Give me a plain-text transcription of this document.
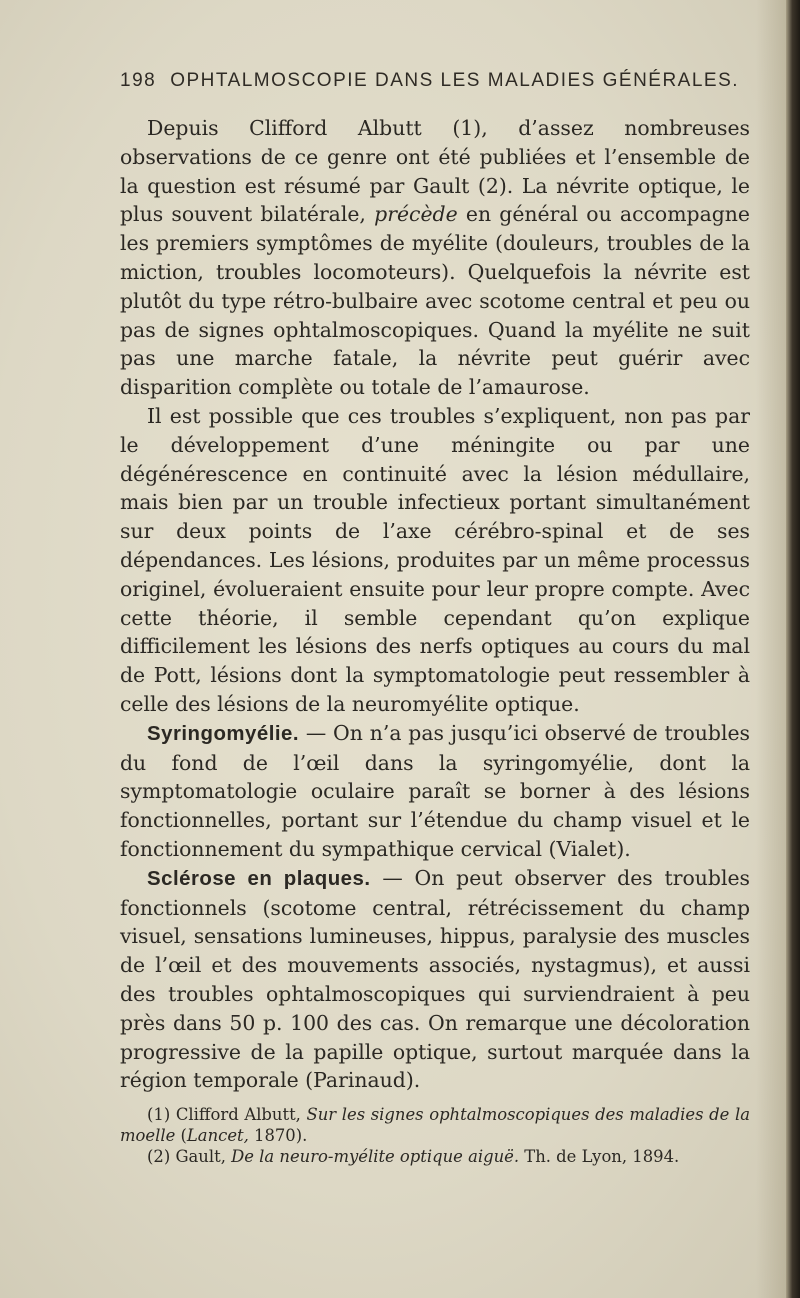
198 OPHTALMOSCOPIE DANS LES MALADIES GÉNÉRALES.

Depuis Clifford Albutt (1), d’assez nombreuses observations de ce genre ont été publiées et l’ensemble de la question est résumé par Gault (2). La névrite optique, le plus souvent bilatérale, précède en général ou accompagne les premiers symptômes de myélite (douleurs, troubles de la miction, troubles locomoteurs). Quelquefois la névrite est plutôt du type rétro-bulbaire avec scotome central et peu ou pas de signes ophtalmoscopiques. Quand la myélite ne suit pas une marche fatale, la névrite peut guérir avec disparition complète ou totale de l’amaurose.

Il est possible que ces troubles s’expliquent, non pas par le développement d’une méningite ou par une dégénérescence en continuité avec la lésion médullaire, mais bien par un trouble infectieux portant simultanément sur deux points de l’axe cérébro-spinal et de ses dépendances. Les lésions, produites par un même processus originel, évolueraient ensuite pour leur propre compte. Avec cette théorie, il semble cependant qu’on explique difficilement les lésions des nerfs optiques au cours du mal de Pott, lésions dont la symptomatologie peut ressembler à celle des lésions de la neuromyélite optique.

Syringomyélie. — On n’a pas jusqu’ici observé de troubles du fond de l’œil dans la syringomyélie, dont la symptomatologie oculaire paraît se borner à des lésions fonctionnelles, portant sur l’étendue du champ visuel et le fonctionnement du sympathique cervical (Vialet).

Sclérose en plaques. — On peut observer des troubles fonctionnels (scotome central, rétrécissement du champ visuel, sensations lumineuses, hippus, paralysie des muscles de l’œil et des mouvements associés, nystagmus), et aussi des troubles ophtalmoscopiques qui surviendraient à peu près dans 50 p. 100 des cas. On remarque une décoloration progressive de la papille optique, surtout marquée dans la région temporale (Parinaud).

(1) Clifford Albutt, Sur les signes ophtalmoscopiques des maladies de la moelle (Lancet, 1870).

(2) Gault, De la neuro-myélite optique aiguë. Th. de Lyon, 1894.
